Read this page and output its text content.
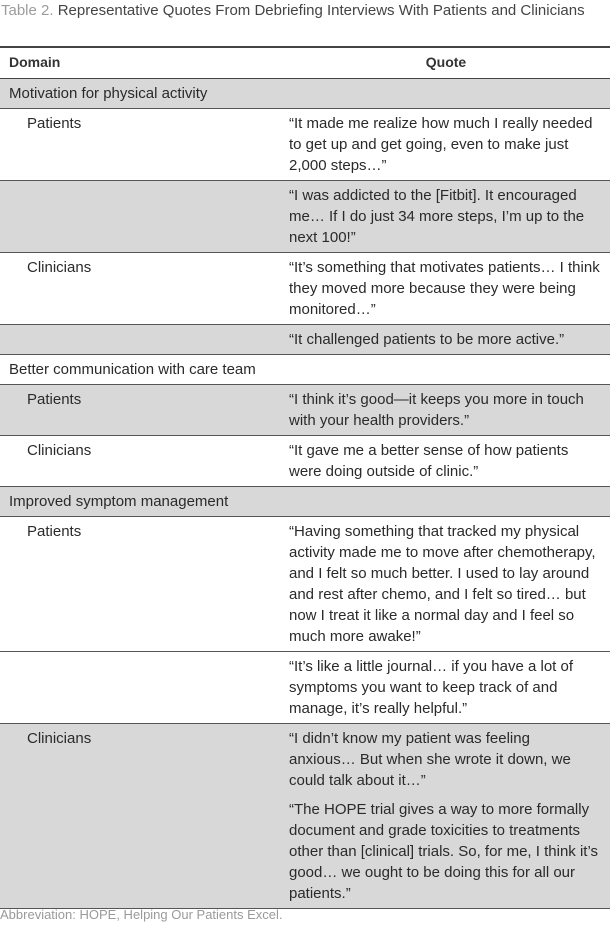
Table 2. Representative Quotes From Debriefing Interviews With Patients and Clinicians
Domain	Quote
Motivation for physical activity	
Patients	“It made me realize how much I really needed to get up and get going, even to make just 2,000 steps…”
	“I was addicted to the [Fitbit]. It encouraged me… If I do just 34 more steps, I’m up to the next 100!”
Clinicians	“It’s something that motivates patients… I think they moved more because they were being monitored…”
	“It challenged patients to be more active.”
Better communication with care team	
Patients	“I think it’s good—it keeps you more in touch with your health providers.”
Clinicians	“It gave me a better sense of how patients were doing outside of clinic.”
Improved symptom management	
Patients	“Having something that tracked my physical activity made me to move after chemotherapy, and I felt so much better. I used to lay around and rest after chemo, and I felt so tired… but now I treat it like a normal day and I feel so much more awake!”
	“It’s like a little journal… if you have a lot of symptoms you want to keep track of and manage, it’s really helpful.”
Clinicians	“I didn’t know my patient was feeling anxious… But when she wrote it down, we could talk about it…”
	“The HOPE trial gives a way to more formally document and grade toxicities to treatments other than [clinical] trials. So, for me, I think it’s good… we ought to be doing this for all our patients.”
Abbreviation: HOPE, Helping Our Patients Excel.
